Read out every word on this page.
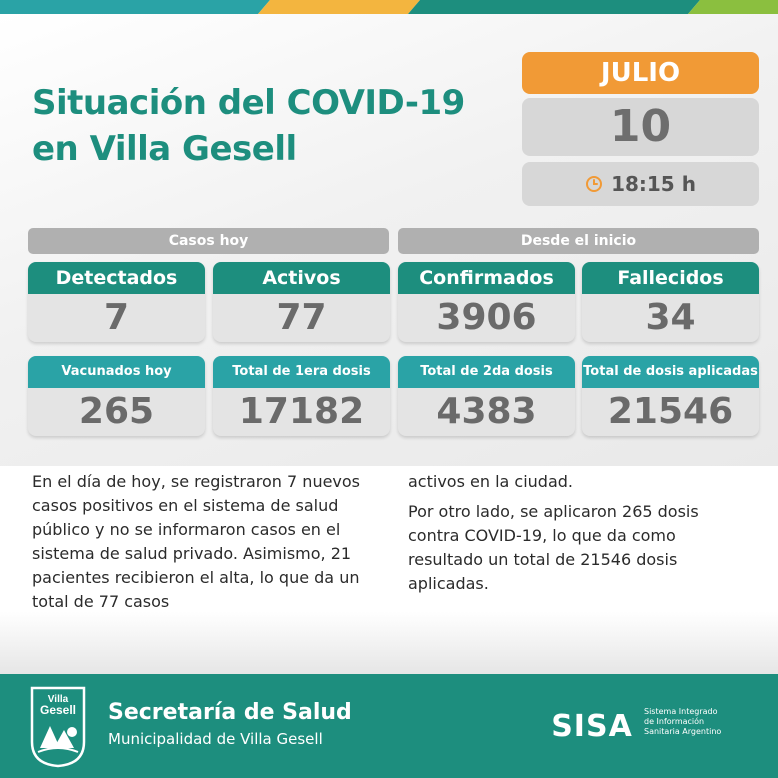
Situación del COVID-19
en Villa Gesell
JULIO
10
18:15 h
Casos hoy	Desde el inicio
Detectados
7
Activos
77
Confirmados
3906
Fallecidos
34
Vacunados hoy
265
Total de 1era dosis
17182
Total de 2da dosis
4383
Total de dosis aplicadas
21546

En el día de hoy, se registraron 7 nuevos casos positivos en el sistema de salud público y no se informaron casos en el sistema de salud privado. Asimismo, 21 pacientes recibieron el alta, lo que da un total de 77 casos

activos en la ciudad.

Por otro lado, se aplicaron 265 dosis contra COVID-19, lo que da como resultado un total de 21546 dosis aplicadas.

Villa
Gesell Secretaría de Salud
Municipalidad de Villa Gesell	SISA Sistema Integrado
de Información
Sanitaria Argentino
